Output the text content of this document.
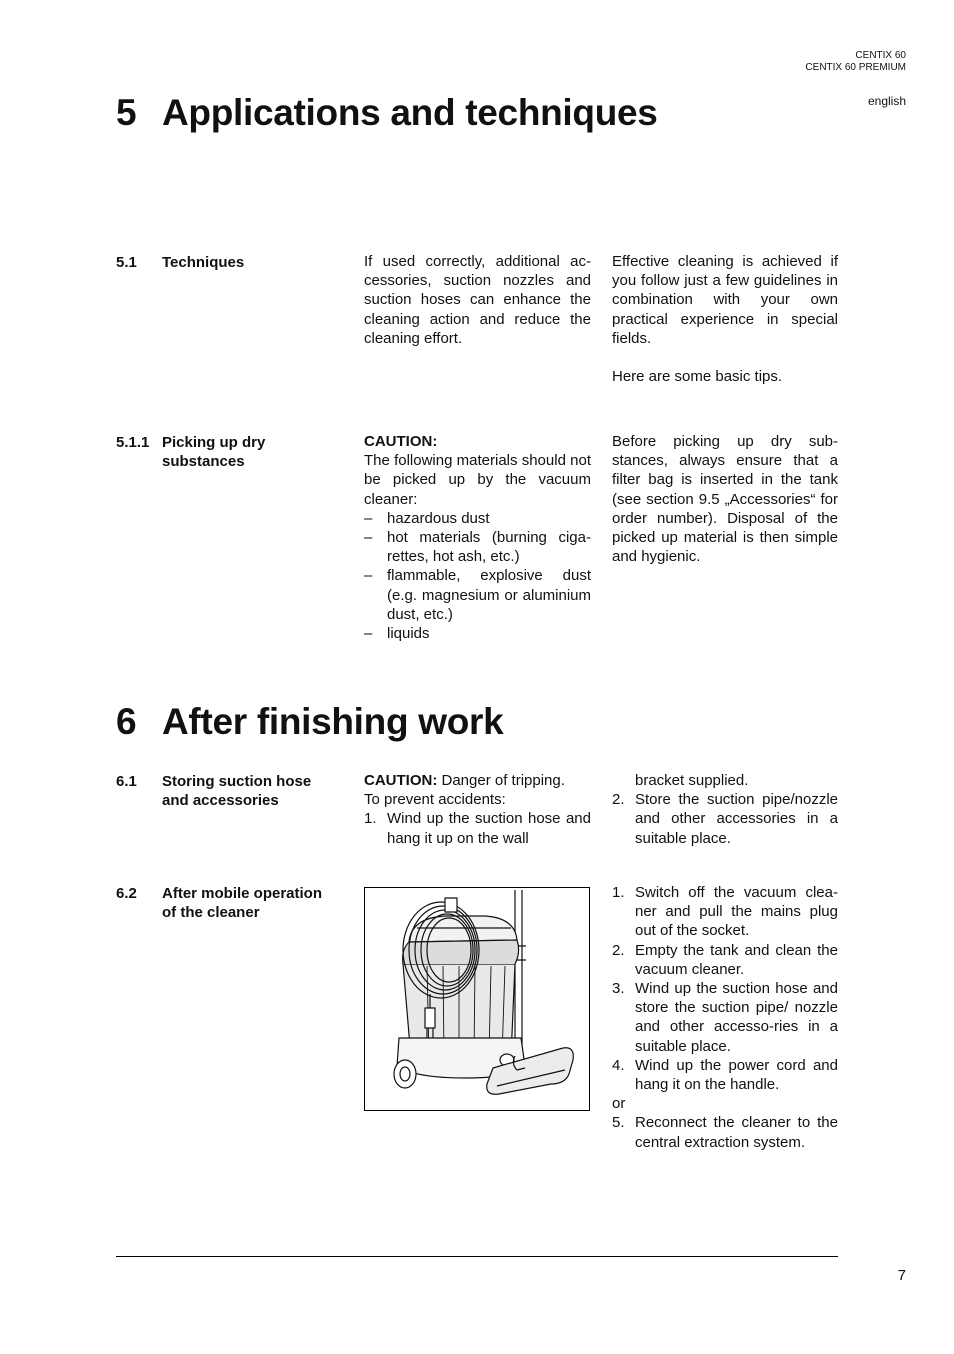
CENTIX 60
CENTIX 60 PREMIUM
english
5 Applications and techniques
5.1 Techniques	If used correctly, additional ac-cessories, suction nozzles and suction hoses can enhance the cleaning action and reduce the cleaning effort.

Effective cleaning is achieved if you follow just a few guidelines in combination with your own practical experience in special fields.

Here are some basic tips.

5.1.1 Picking up dry
substances

CAUTION:

The following materials should not be picked up by the vacuum cleaner:

– hazardous dust
– hot materials (burning ciga-rettes, hot ash, etc.)
– flammable, explosive dust (e.g. magnesium or aluminium dust, etc.)
– liquids

Before picking up dry sub-stances, always ensure that a filter bag is inserted in the tank (see section 9.5 „Accessories“ for order number). Disposal of the picked up material is then simple and hygienic.

6 After finishing work
6.1 Storing suction hose
and accessories

CAUTION: Danger of tripping.

To prevent accidents:

1. Wind up the suction hose and hang it up on the wall
bracket supplied.
2. Store the suction pipe/nozzle and other accessories in a suitable place.
6.2 After mobile operation
of the cleaner
1. Switch off the vacuum clea-ner and pull the mains plug out of the socket.
2. Empty the tank and clean the vacuum cleaner.
3. Wind up the suction hose and store the suction pipe/ nozzle and other accesso-ries in a suitable place.
4. Wind up the power cord and hang it on the handle.

or

5. Reconnect the cleaner to the central extraction system.
7
